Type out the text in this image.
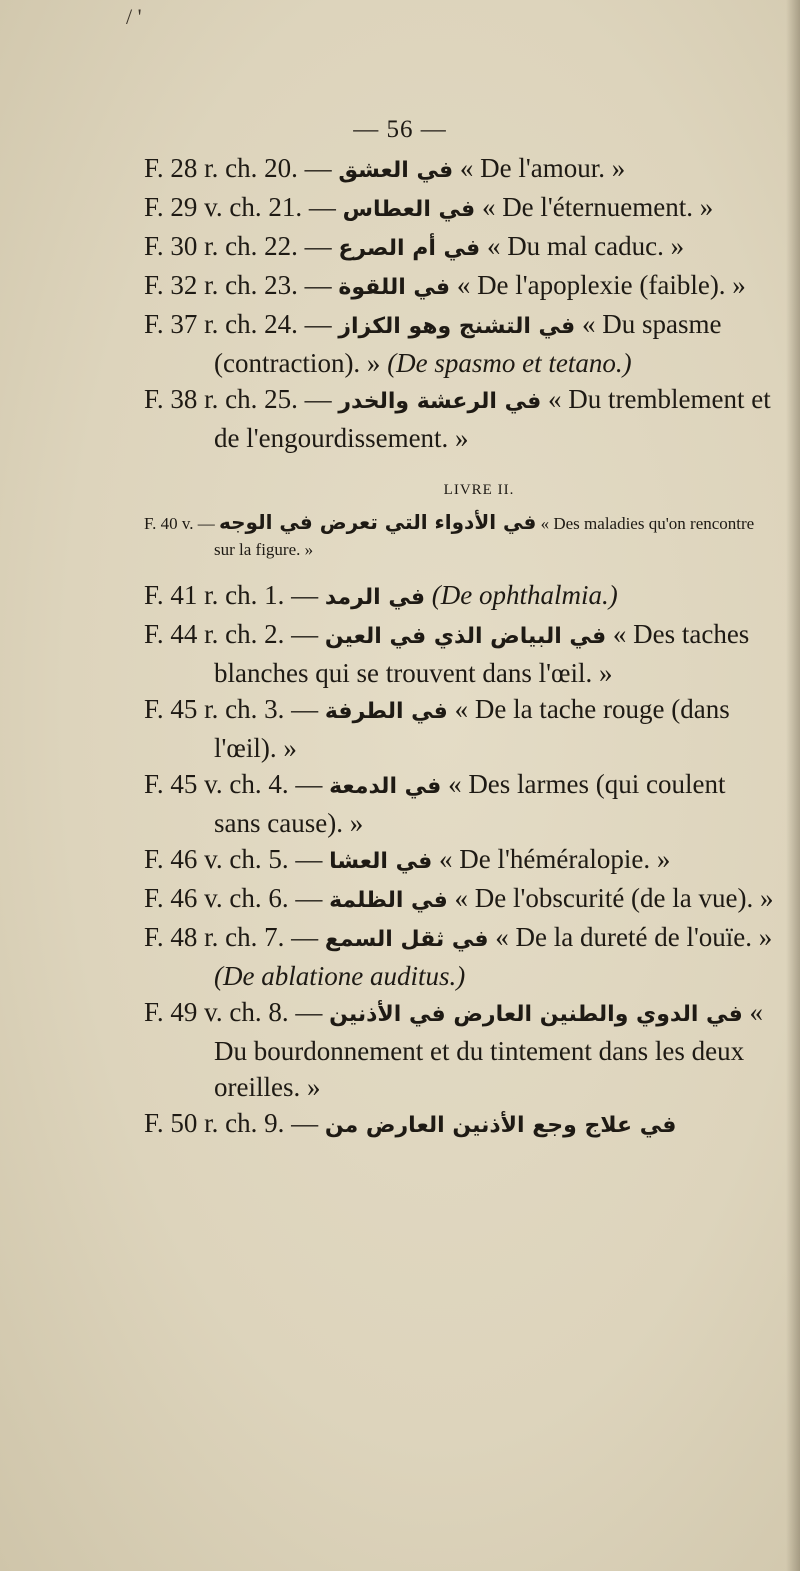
/ '
— 56 —

F. 28 r. ch. 20. — في العشق « De l'amour. »

F. 29 v. ch. 21. — في العطاس « De l'éternuement. »

F. 30 r. ch. 22. — في أم الصرع « Du mal caduc. »

F. 32 r. ch. 23. — في اللقوة « De l'apoplexie (faible). »

F. 37 r. ch. 24. — في التشنج وهو الكزاز « Du spasme (contraction). » (De spasmo et tetano.)

F. 38 r. ch. 25. — في الرعشة والخدر « Du tremblement et de l'engourdissement. »

LIVRE II.

F. 40 v. — في الأدواء التي تعرض في الوجه « Des maladies qu'on rencontre sur la figure. »

F. 41 r. ch. 1. — في الرمد (De ophthalmia.)

F. 44 r. ch. 2. — في البياض الذي في العين « Des taches blanches qui se trouvent dans l'œil. »

F. 45 r. ch. 3. — في الطرفة « De la tache rouge (dans l'œil). »

F. 45 v. ch. 4. — في الدمعة « Des larmes (qui coulent sans cause). »

F. 46 v. ch. 5. — في العشا « De l'héméralopie. »

F. 46 v. ch. 6. — في الظلمة « De l'obscurité (de la vue). »

F. 48 r. ch. 7. — في ثقل السمع « De la dureté de l'ouïe. » (De ablatione auditus.)

F. 49 v. ch. 8. — في الدوي والطنين العارض في الأذنين « Du bourdonnement et du tintement dans les deux oreilles. »

F. 50 r. ch. 9. — في علاج وجع الأذنين العارض من
